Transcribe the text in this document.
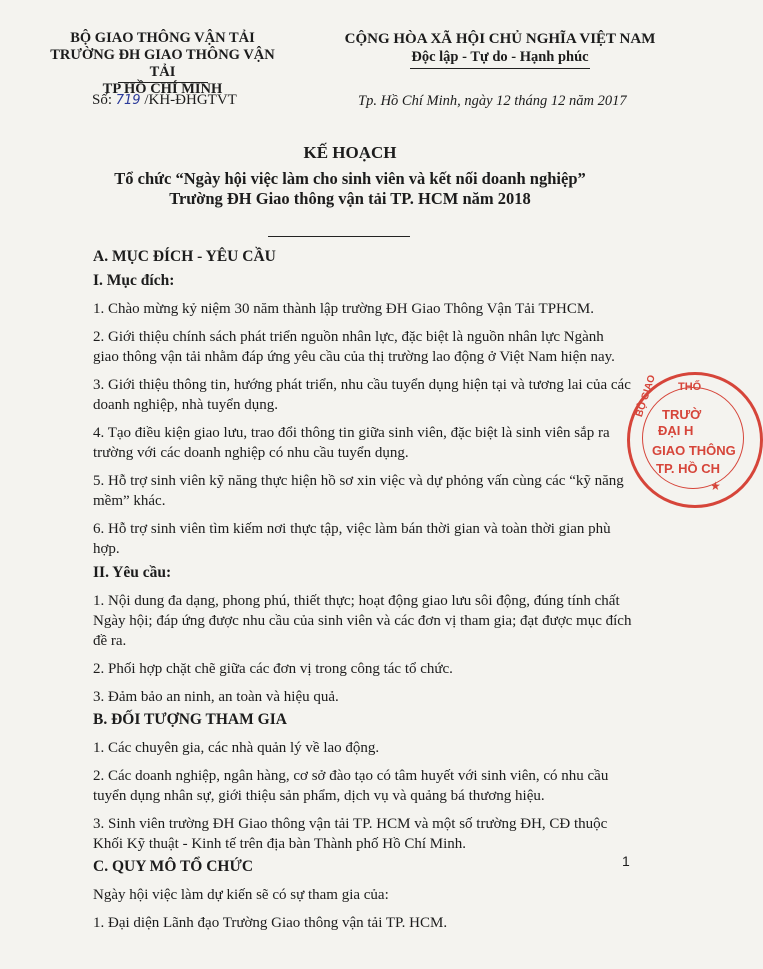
BỘ GIAO THÔNG VẬN TẢI
TRƯỜNG ĐH GIAO THÔNG VẬN TẢI
TP HỒ CHÍ MINH
CỘNG HÒA XÃ HỘI CHỦ NGHĨA VIỆT NAM
Độc lập - Tự do - Hạnh phúc
Số: 719 /KH-ĐHGTVT	Tp. Hồ Chí Minh, ngày 12 tháng 12 năm 2017
KẾ HOẠCH
Tổ chức “Ngày hội việc làm cho sinh viên và kết nối doanh nghiệp”
Trường ĐH Giao thông vận tải TP. HCM năm 2018

A. MỤC ĐÍCH - YÊU CẦU

I. Mục đích:

1. Chào mừng kỷ niệm 30 năm thành lập trường ĐH Giao Thông Vận Tải TPHCM.

2. Giới thiệu chính sách phát triển nguồn nhân lực, đặc biệt là nguồn nhân lực Ngành giao thông vận tải nhằm đáp ứng yêu cầu của thị trường lao động ở Việt Nam hiện nay.

3. Giới thiệu thông tin, hướng phát triển, nhu cầu tuyển dụng hiện tại và tương lai của các doanh nghiệp, nhà tuyển dụng.

4. Tạo điều kiện giao lưu, trao đổi thông tin giữa sinh viên, đặc biệt là sinh viên sắp ra trường với các doanh nghiệp có nhu cầu tuyển dụng.

5. Hỗ trợ sinh viên kỹ năng thực hiện hồ sơ xin việc và dự phỏng vấn cùng các “kỹ năng mềm” khác.

6. Hỗ trợ sinh viên tìm kiếm nơi thực tập, việc làm bán thời gian và toàn thời gian phù hợp.

II. Yêu cầu:

1. Nội dung đa dạng, phong phú, thiết thực; hoạt động giao lưu sôi động, đúng tính chất Ngày hội; đáp ứng được nhu cầu của sinh viên và các đơn vị tham gia; đạt được mục đích đề ra.

2. Phối hợp chặt chẽ giữa các đơn vị trong công tác tổ chức.

3. Đảm bảo an ninh, an toàn và hiệu quả.

B. ĐỐI TƯỢNG THAM GIA

1. Các chuyên gia, các nhà quản lý về lao động.

2. Các doanh nghiệp, ngân hàng, cơ sở đào tạo có tâm huyết với sinh viên, có nhu cầu tuyển dụng nhân sự, giới thiệu sản phẩm, dịch vụ và quảng bá thương hiệu.

3. Sinh viên trường ĐH Giao thông vận tải TP. HCM và một số trường ĐH, CĐ thuộc Khối Kỹ thuật - Kinh tế trên địa bàn Thành phố Hồ Chí Minh.

C. QUY MÔ TỔ CHỨC

Ngày hội việc làm dự kiến sẽ có sự tham gia của:

1. Đại diện Lãnh đạo Trường Giao thông vận tải TP. HCM.

BỘ GIAO THỐ
TRƯỜ
ĐẠI H
GIAO THÔNG
TP. HỒ CH
★
1
